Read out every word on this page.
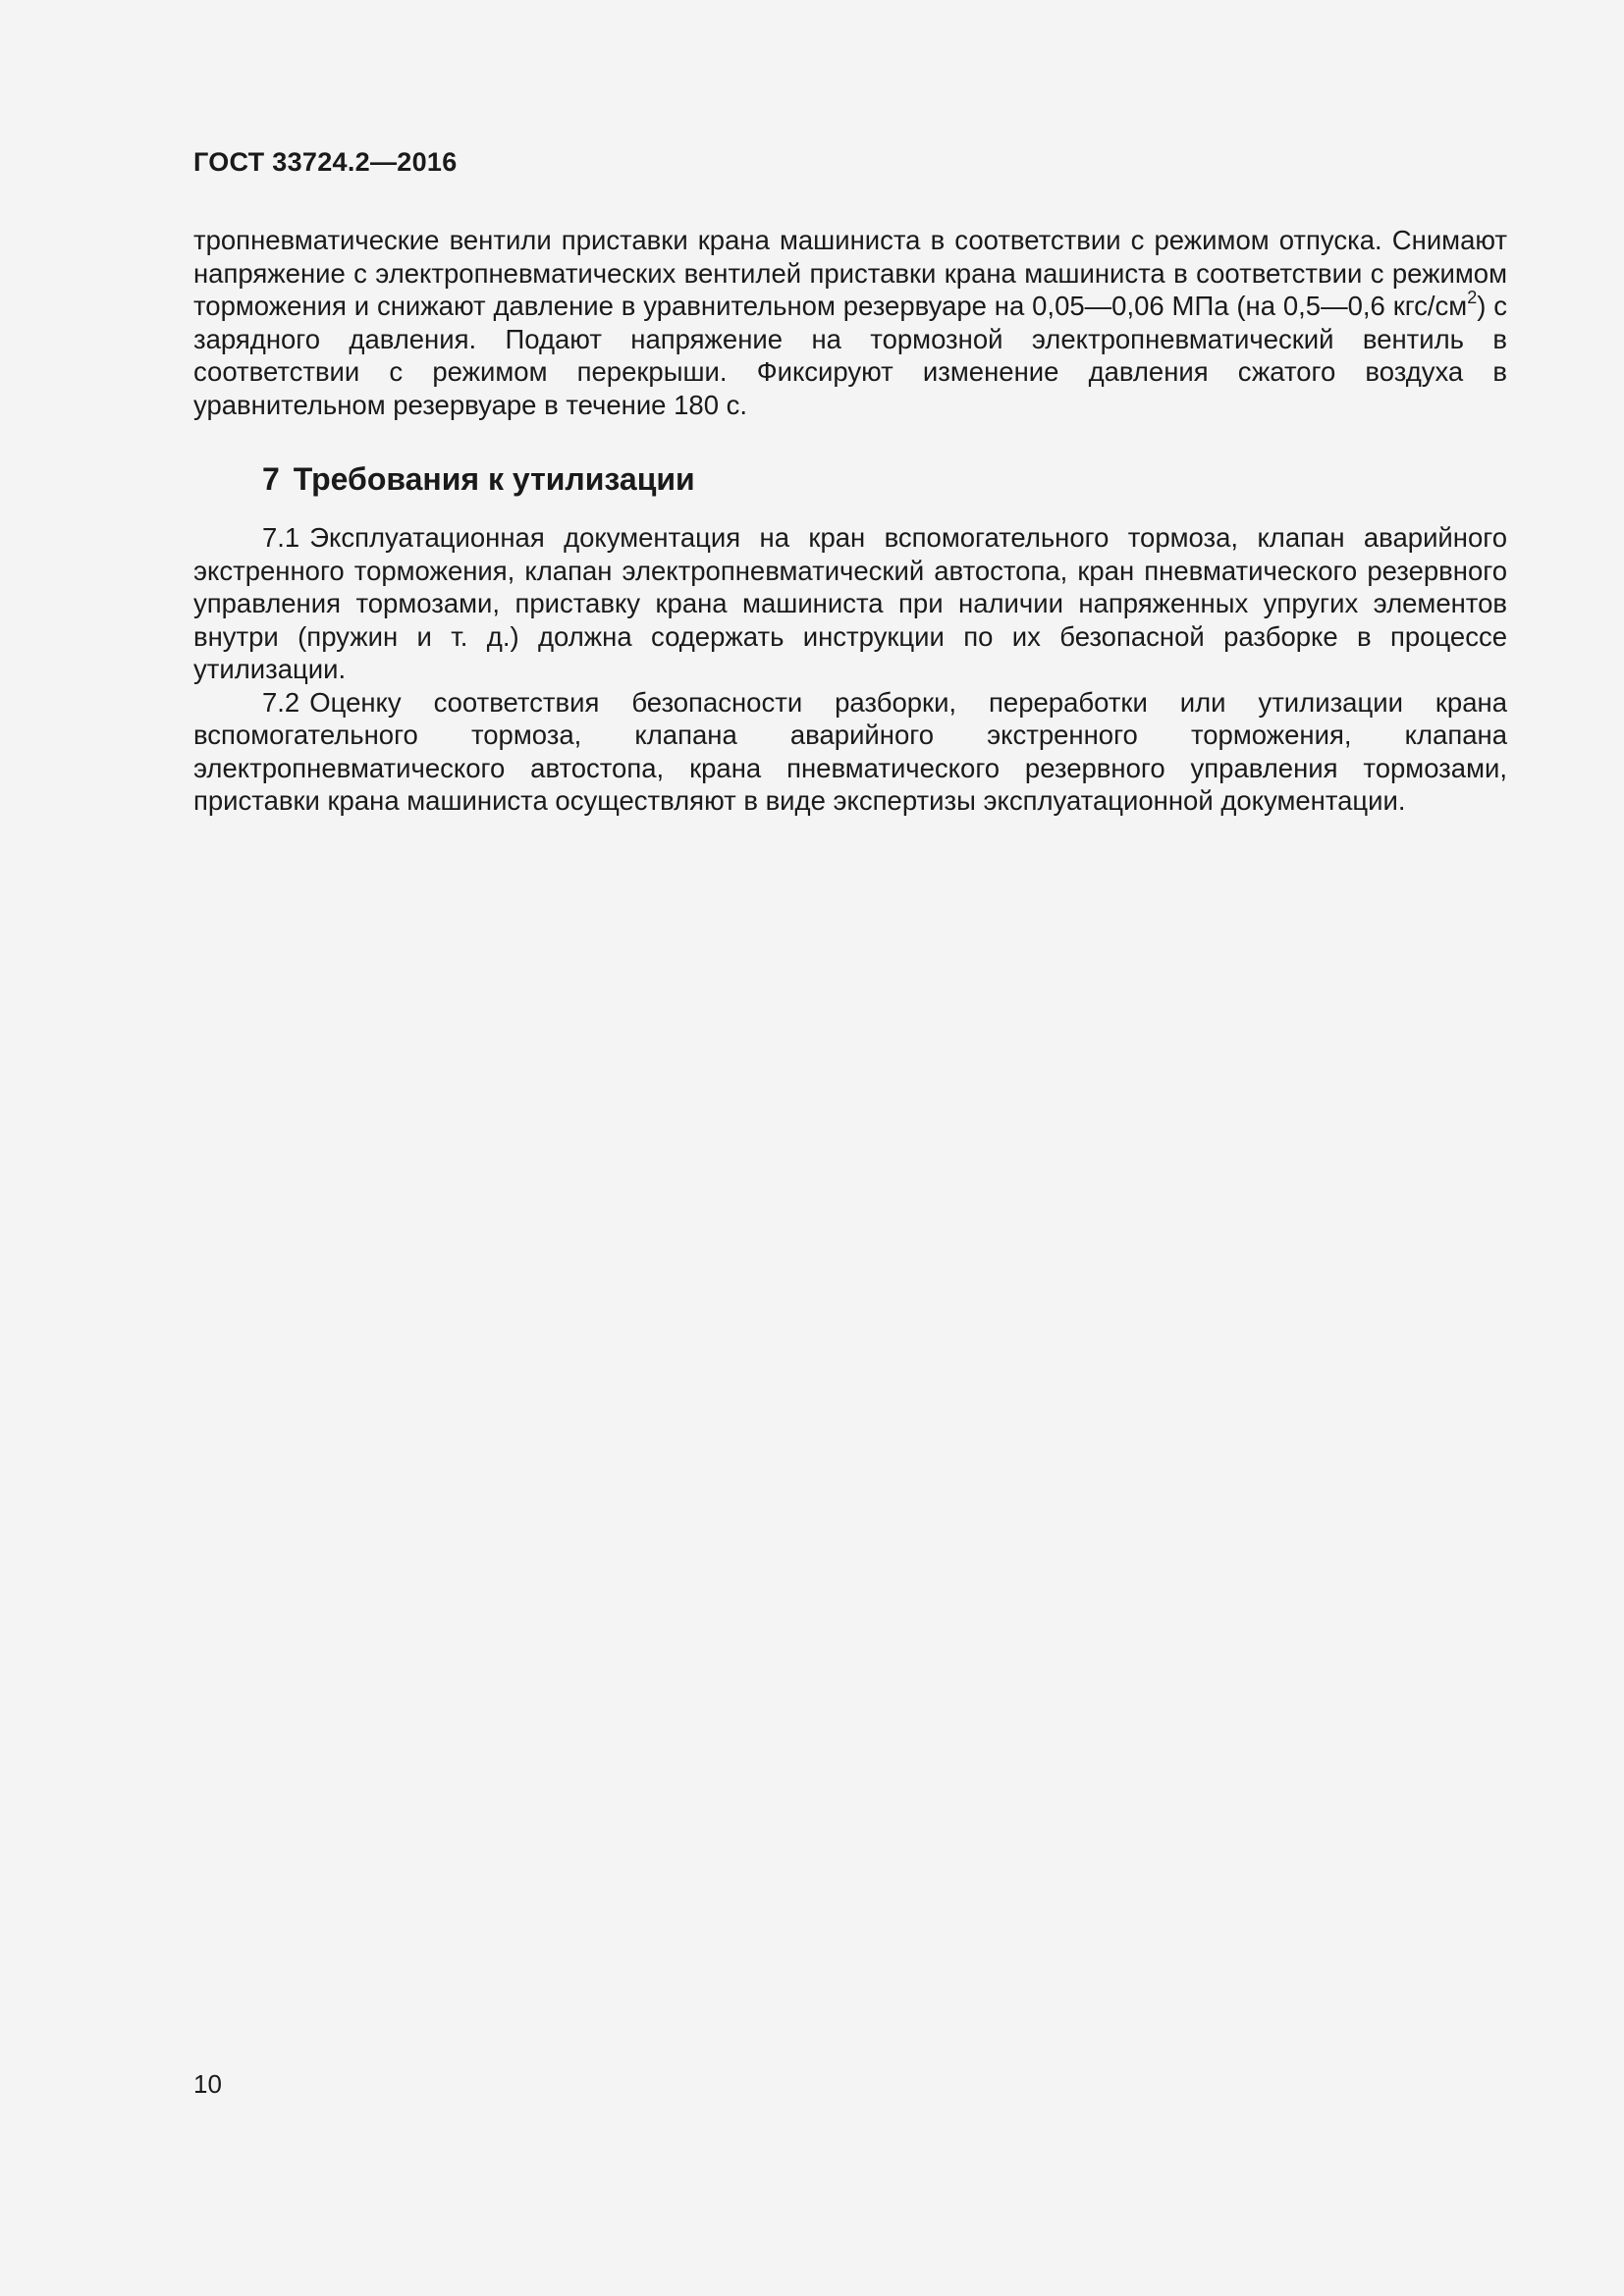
ГОСТ 33724.2—2016

тропневматические вентили приставки крана машиниста в соответствии с режимом отпуска. Снимают напряжение с электропневматических вентилей приставки крана машиниста в соответствии с режимом торможения и снижают давление в уравнительном резервуаре на 0,05—0,06 МПа (на 0,5—0,6 кгс/$см^2$) с зарядного давления. Подают напряжение на тормозной электропневматический вентиль в соответствии с режимом перекрыши. Фиксируют изменение давления сжатого воздуха в уравнительном резервуаре в течение 180 с.

7 Требования к утилизации

7.1 Эксплуатационная документация на кран вспомогательного тормоза, клапан аварийного экстренного торможения, клапан электропневматический автостопа, кран пневматического резервного управления тормозами, приставку крана машиниста при наличии напряженных упругих элементов внутри (пружин и т. д.) должна содержать инструкции по их безопасной разборке в процессе утилизации.

7.2 Оценку соответствия безопасности разборки, переработки или утилизации крана вспомогательного тормоза, клапана аварийного экстренного торможения, клапана электропневматического автостопа, крана пневматического резервного управления тормозами, приставки крана машиниста осуществляют в виде экспертизы эксплуатационной документации.

10
